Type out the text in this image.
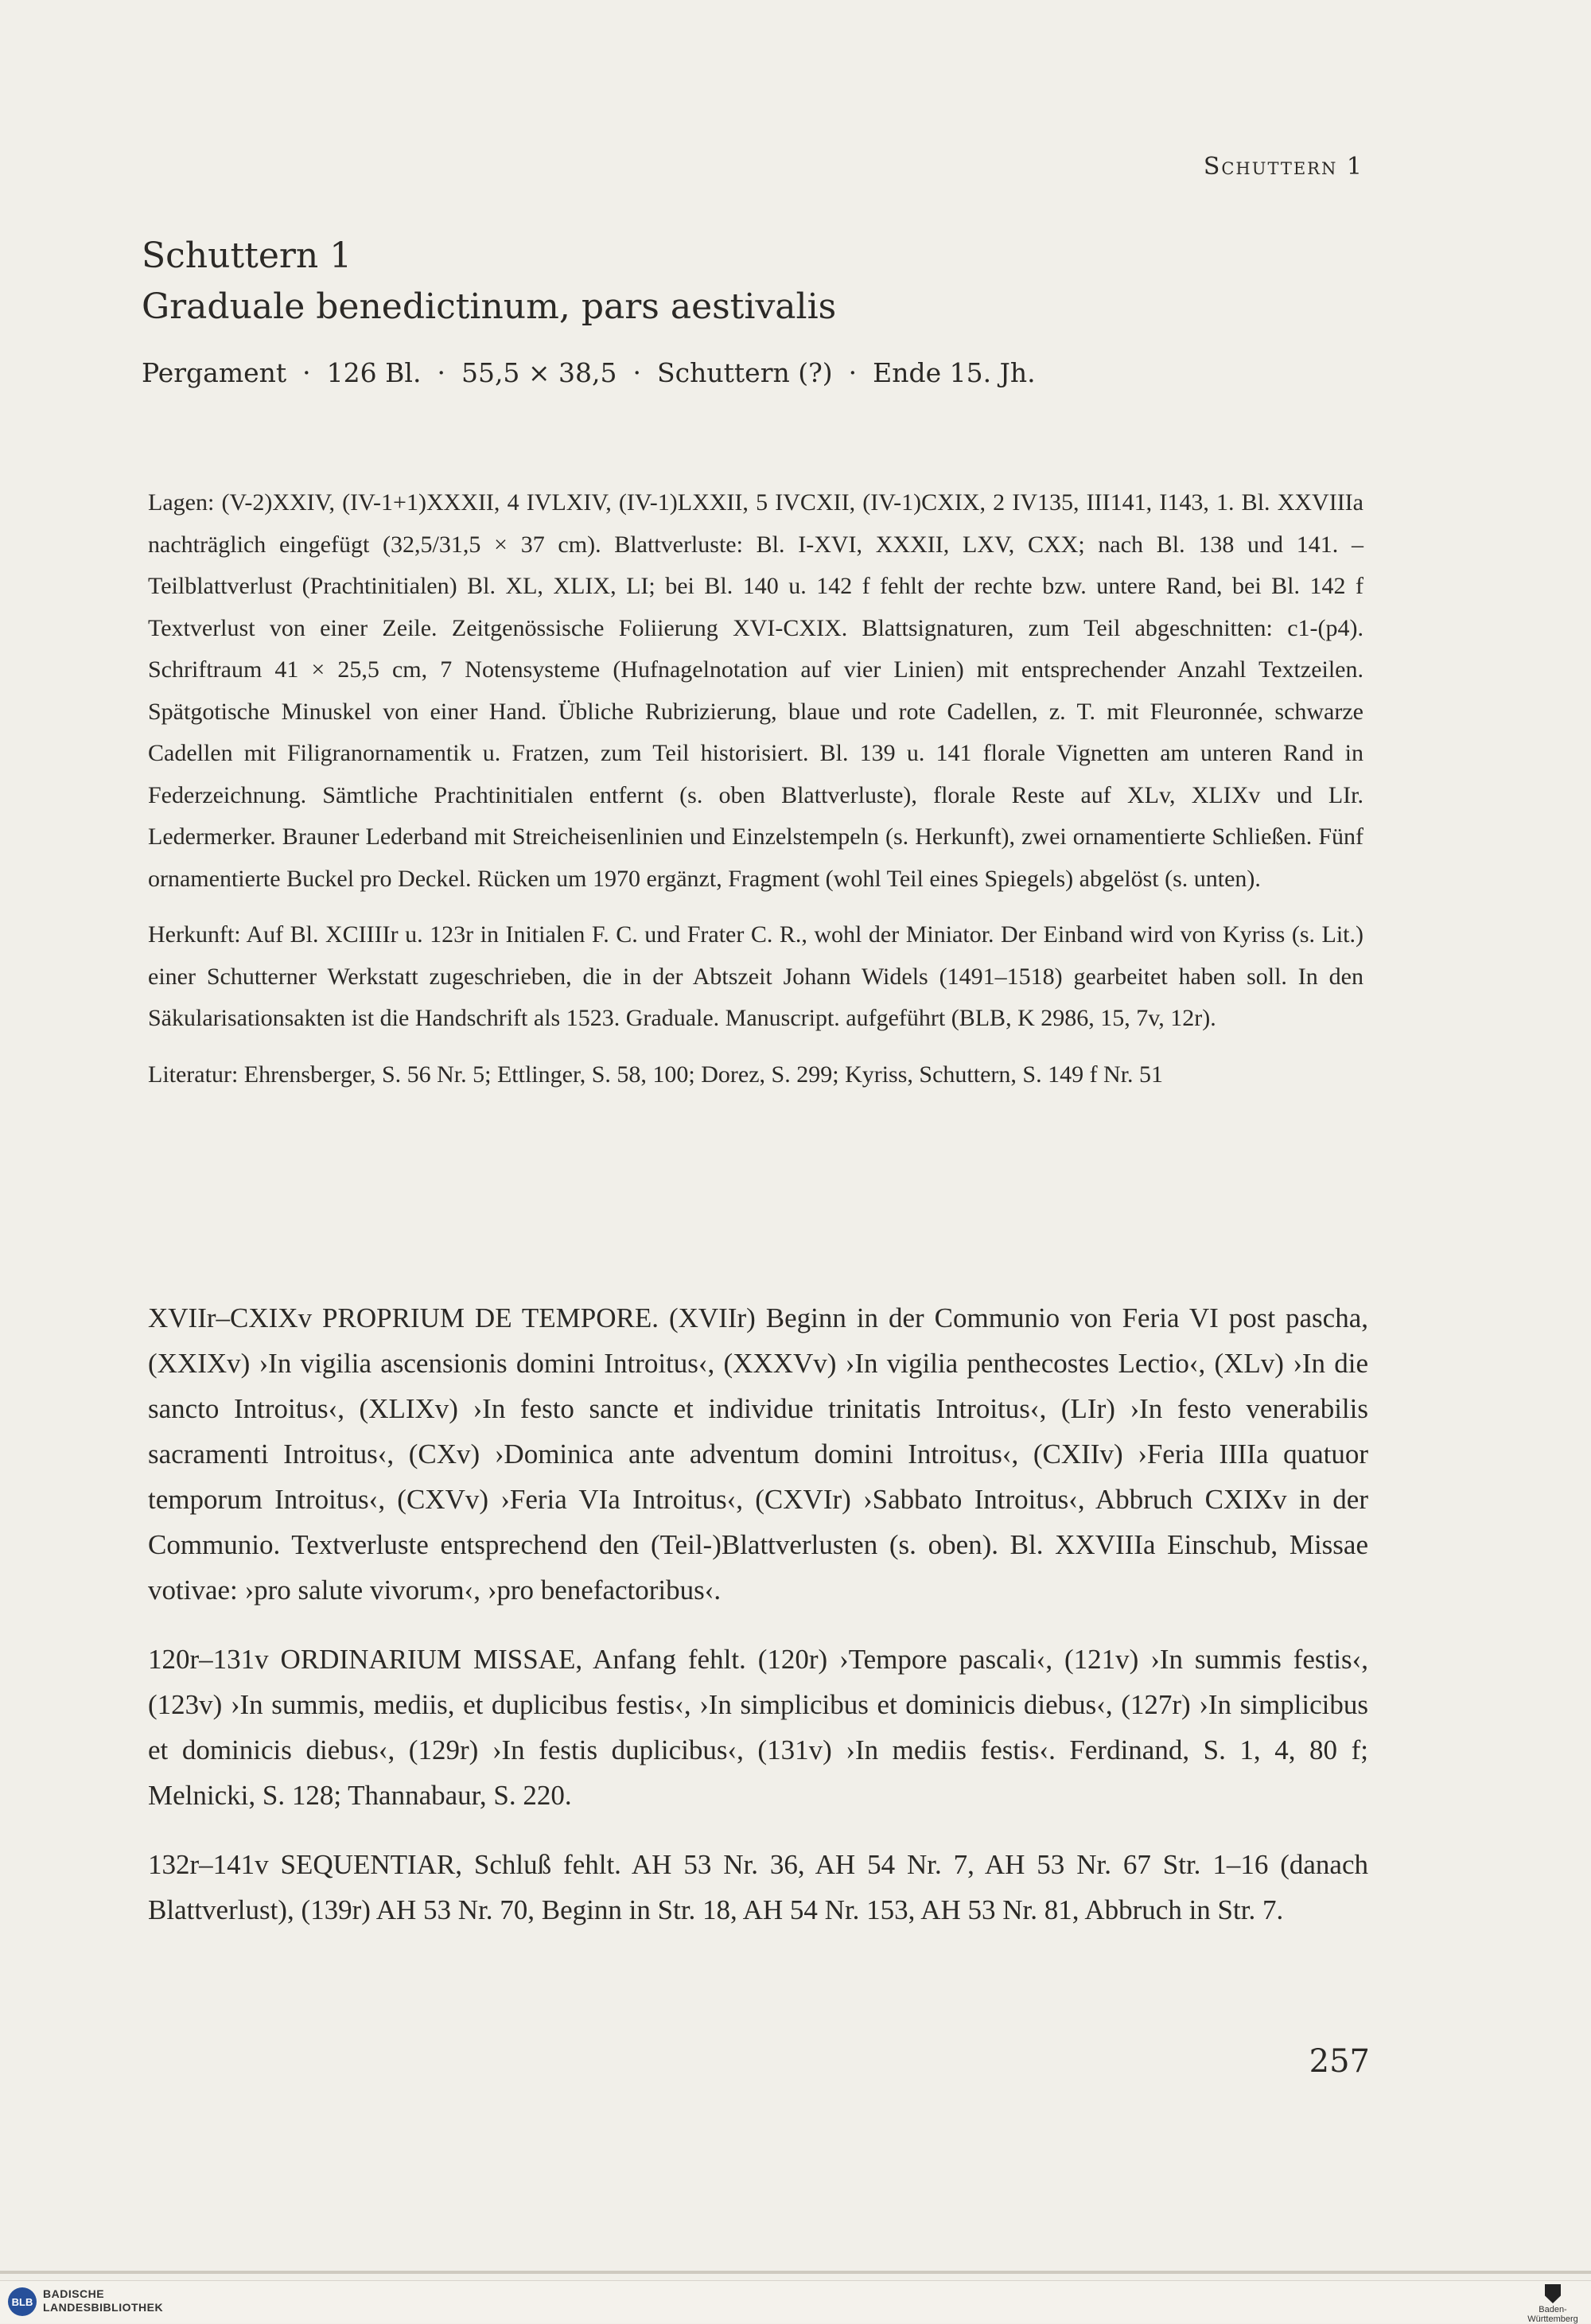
Schuttern 1
Schuttern 1
Graduale benedictinum, pars aestivalis
Pergament · 126 Bl. · 55,5 × 38,5 · Schuttern (?) · Ende 15. Jh.

Lagen: (V-2)XXIV, (IV-1+1)XXXII, 4 IVLXIV, (IV-1)LXXII, 5 IVCXII, (IV-1)CXIX, 2 IV135, III141, I143, 1. Bl. XXVIIIa nachträglich eingefügt (32,5/31,5 × 37 cm). Blattverluste: Bl. I-XVI, XXXII, LXV, CXX; nach Bl. 138 und 141. – Teilblattverlust (Prachtinitialen) Bl. XL, XLIX, LI; bei Bl. 140 u. 142 f fehlt der rechte bzw. untere Rand, bei Bl. 142 f Textverlust von einer Zeile. Zeitgenössische Foliierung XVI-CXIX. Blattsignaturen, zum Teil abgeschnitten: c1-(p4). Schriftraum 41 × 25,5 cm, 7 Notensysteme (Hufnagelnotation auf vier Linien) mit entsprechender Anzahl Textzeilen. Spätgotische Minuskel von einer Hand. Übliche Rubrizierung, blaue und rote Cadellen, z. T. mit Fleuronnée, schwarze Cadellen mit Filigranornamentik u. Fratzen, zum Teil historisiert. Bl. 139 u. 141 florale Vignetten am unteren Rand in Federzeichnung. Sämtliche Prachtinitialen entfernt (s. oben Blattverluste), florale Reste auf XLv, XLIXv und LIr. Ledermerker. Brauner Lederband mit Streicheisenlinien und Einzelstempeln (s. Herkunft), zwei ornamentierte Schließen. Fünf ornamentierte Buckel pro Deckel. Rücken um 1970 ergänzt, Fragment (wohl Teil eines Spiegels) abgelöst (s. unten).

Herkunft: Auf Bl. XCIIIIr u. 123r in Initialen F. C. und Frater C. R., wohl der Miniator. Der Einband wird von Kyriss (s. Lit.) einer Schutterner Werkstatt zugeschrieben, die in der Abtszeit Johann Widels (1491–1518) gearbeitet haben soll. In den Säkularisationsakten ist die Handschrift als 1523. Graduale. Manuscript. aufgeführt (BLB, K 2986, 15, 7v, 12r).

Literatur: Ehrensberger, S. 56 Nr. 5; Ettlinger, S. 58, 100; Dorez, S. 299; Kyriss, Schuttern, S. 149 f Nr. 51

XVIIr–CXIXv PROPRIUM DE TEMPORE. (XVIIr) Beginn in der Communio von Feria VI post pascha, (XXIXv) ›In vigilia ascensionis domini Introitus‹, (XXXVv) ›In vigilia penthecostes Lectio‹, (XLv) ›In die sancto Introitus‹, (XLIXv) ›In festo sancte et individue trinitatis Introitus‹, (LIr) ›In festo venerabilis sacramenti Introitus‹, (CXv) ›Dominica ante adventum domini Introitus‹, (CXIIv) ›Feria IIIIa quatuor temporum Introitus‹, (CXVv) ›Feria VIa Introitus‹, (CXVIr) ›Sabbato Introitus‹, Abbruch CXIXv in der Communio. Textverluste entsprechend den (Teil-)Blattverlusten (s. oben). Bl. XXVIIIa Einschub, Missae votivae: ›pro salute vivorum‹, ›pro benefactoribus‹.

120r–131v ORDINARIUM MISSAE, Anfang fehlt. (120r) ›Tempore pascali‹, (121v) ›In summis festis‹, (123v) ›In summis, mediis, et duplicibus festis‹, ›In simplicibus et dominicis diebus‹, (127r) ›In simplicibus et dominicis diebus‹, (129r) ›In festis duplicibus‹, (131v) ›In mediis festis‹. Ferdinand, S. 1, 4, 80 f; Melnicki, S. 128; Thannabaur, S. 220.

132r–141v SEQUENTIAR, Schluß fehlt. AH 53 Nr. 36, AH 54 Nr. 7, AH 53 Nr. 67 Str. 1–16 (danach Blattverlust), (139r) AH 53 Nr. 70, Beginn in Str. 18, AH 54 Nr. 153, AH 53 Nr. 81, Abbruch in Str. 7.

257
BLB
BADISCHE
LANDESBIBLIOTHEK	Baden-Württemberg
